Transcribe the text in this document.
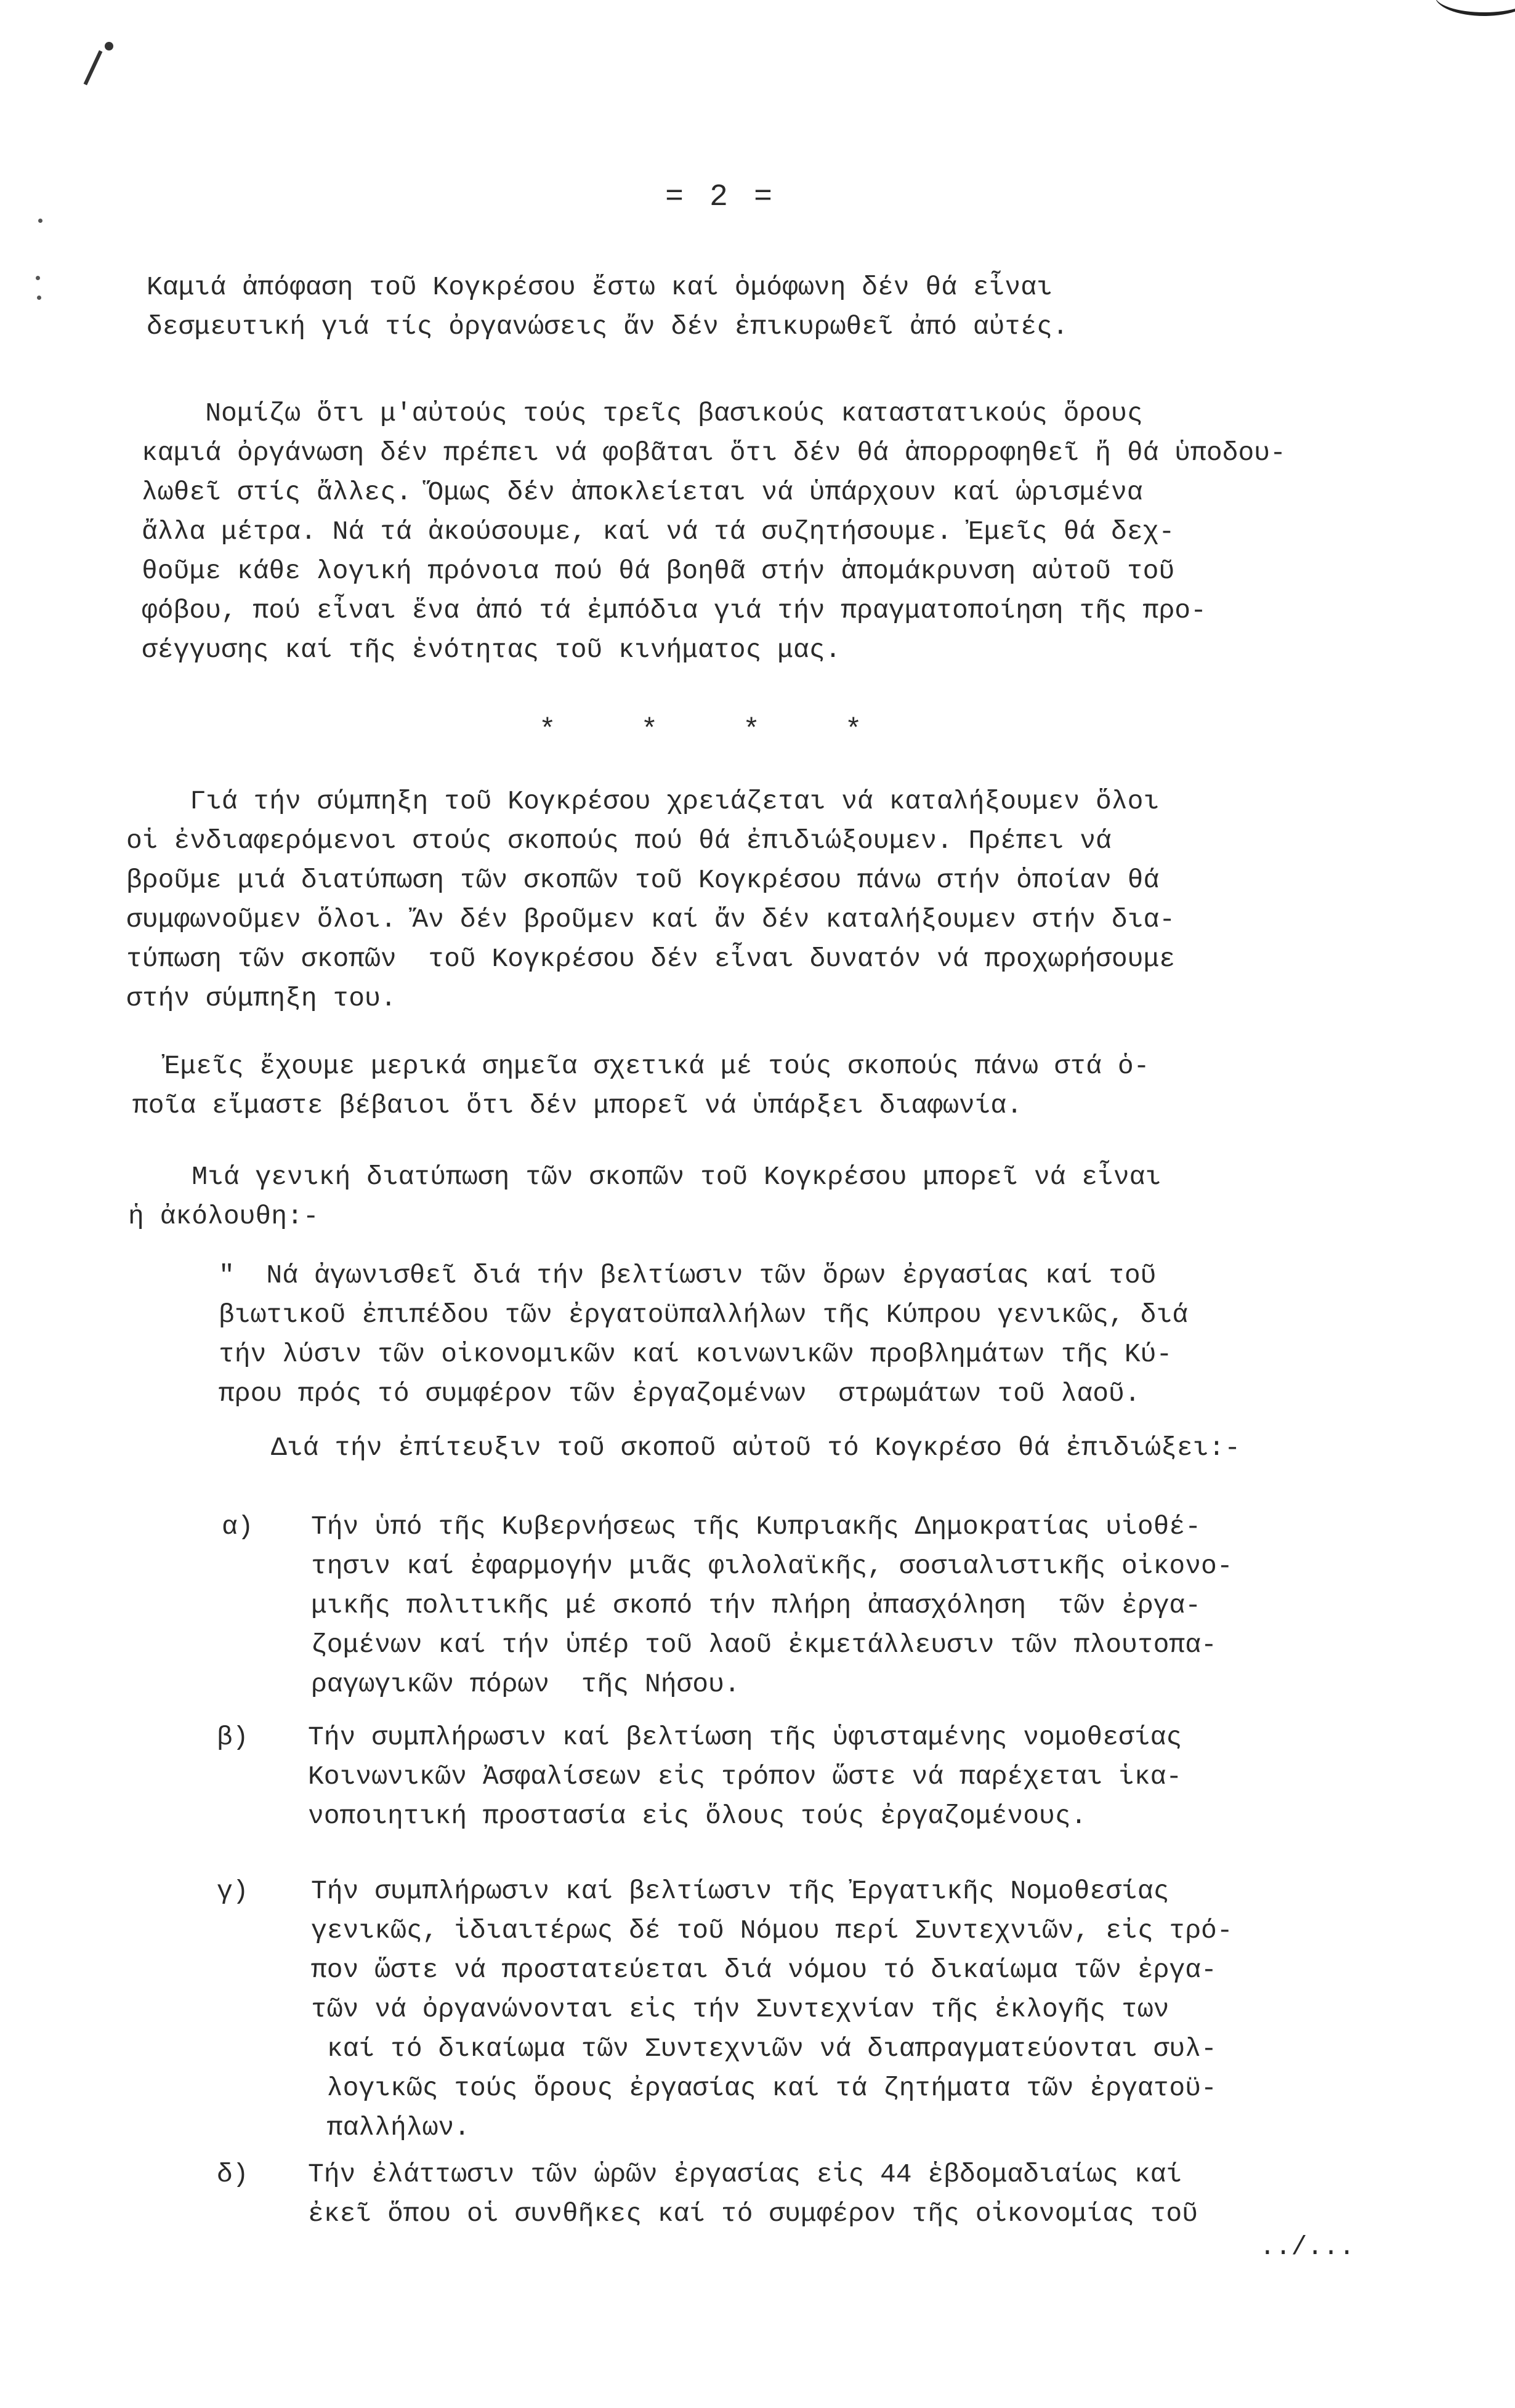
= 2 =

Καμιά ἀπόφαση τοῦ Κογκρέσου ἔστω καί ὁμόφωνη δέν θά εἶναι
δεσμευτική γιά τίς ὀργανώσεις ἄν δέν ἐπικυρωθεῖ ἀπό αὐτές.

Νομίζω ὅτι μ'αὐτούς τούς τρεῖς βασικούς καταστατικούς ὅρους
καμιά ὀργάνωση δέν πρέπει νά φοβᾶται ὅτι δέν θά ἀπορροφηθεῖ ἤ θά ὑποδου-
λωθεῖ στίς ἄλλες. Ὅμως δέν ἀποκλείεται νά ὑπάρχουν καί ὡρισμένα
ἄλλα μέτρα. Νά τά ἀκούσουμε, καί νά τά συζητήσουμε. Ἐμεῖς θά δεχ-
θοῦμε κάθε λογική πρόνοια πού θά βοηθᾶ στήν ἀπομάκρυνση αὐτοῦ τοῦ
φόβου, πού εἶναι ἕνα ἀπό τά ἐμπόδια γιά τήν πραγματοποίηση τῆς προ-
σέγγυσης καί τῆς ἑνότητας τοῦ κινήματος μας.

*     *     *     *

Γιά τήν σύμπηξη τοῦ Κογκρέσου χρειάζεται νά καταλήξουμεν ὅλοι
οἱ ἐνδιαφερόμενοι στούς σκοπούς πού θά ἐπιδιώξουμεν. Πρέπει νά
βροῦμε μιά διατύπωση τῶν σκοπῶν τοῦ Κογκρέσου πάνω στήν ὁποίαν θά
συμφωνοῦμεν ὅλοι. Ἄν δέν βροῦμεν καί ἄν δέν καταλήξουμεν στήν δια-
τύπωση τῶν σκοπῶν  τοῦ Κογκρέσου δέν εἶναι δυνατόν νά προχωρήσουμε
στήν σύμπηξη του.

Ἐμεῖς ἔχουμε μερικά σημεῖα σχετικά μέ τούς σκοπούς πάνω στά ὁ-
ποῖα εἴμαστε βέβαιοι ὅτι δέν μπορεῖ νά ὑπάρξει διαφωνία.

Μιά γενική διατύπωση τῶν σκοπῶν τοῦ Κογκρέσου μπορεῖ νά εἶναι
ἡ ἀκόλουθη:-

"  Νά ἀγωνισθεῖ διά τήν βελτίωσιν τῶν ὅρων ἐργασίας καί τοῦ
βιωτικοῦ ἐπιπέδου τῶν ἐργατοϋπαλλήλων τῆς Κύπρου γενικῶς, διά
τήν λύσιν τῶν οἰκονομικῶν καί κοινωνικῶν προβλημάτων τῆς Κύ-
πρου πρός τό συμφέρον τῶν ἐργαζομένων  στρωμάτων τοῦ λαοῦ.

Διά τήν ἐπίτευξιν τοῦ σκοποῦ αὐτοῦ τό Κογκρέσο θά ἐπιδιώξει:-

α) Τήν ὑπό τῆς Κυβερνήσεως τῆς Κυπριακῆς Δημοκρατίας υἱοθέ-
τησιν καί ἐφαρμογήν μιᾶς φιλολαϊκῆς, σοσιαλιστικῆς οἰκονο-
μικῆς πολιτικῆς μέ σκοπό τήν πλήρη ἀπασχόληση  τῶν ἐργα-
ζομένων καί τήν ὑπέρ τοῦ λαοῦ ἐκμετάλλευσιν τῶν πλουτοπα-
ραγωγικῶν πόρων  τῆς Νήσου.

β) Τήν συμπλήρωσιν καί βελτίωση τῆς ὑφισταμένης νομοθεσίας
Κοινωνικῶν Ἀσφαλίσεων εἰς τρόπον ὥστε νά παρέχεται ἱκα-
νοποιητική προστασία εἰς ὅλους τούς ἐργαζομένους.

γ) Τήν συμπλήρωσιν καί βελτίωσιν τῆς Ἐργατικῆς Νομοθεσίας
γενικῶς, ἰδιαιτέρως δέ τοῦ Νόμου περί Συντεχνιῶν, εἰς τρό-
πον ὥστε νά προστατεύεται διά νόμου τό δικαίωμα τῶν ἐργα-
τῶν νά ὀργανώνονται εἰς τήν Συντεχνίαν τῆς ἐκλογῆς των
καί τό δικαίωμα τῶν Συντεχνιῶν νά διαπραγματεύονται συλ-
λογικῶς τούς ὅρους ἐργασίας καί τά ζητήματα τῶν ἐργατοϋ-
παλλήλων.

δ) Τήν ἐλάττωσιν τῶν ὡρῶν ἐργασίας εἰς 44 ἑβδομαδιαίως καί
ἐκεῖ ὅπου οἱ συνθῆκες καί τό συμφέρον τῆς οἰκονομίας τοῦ

../...
